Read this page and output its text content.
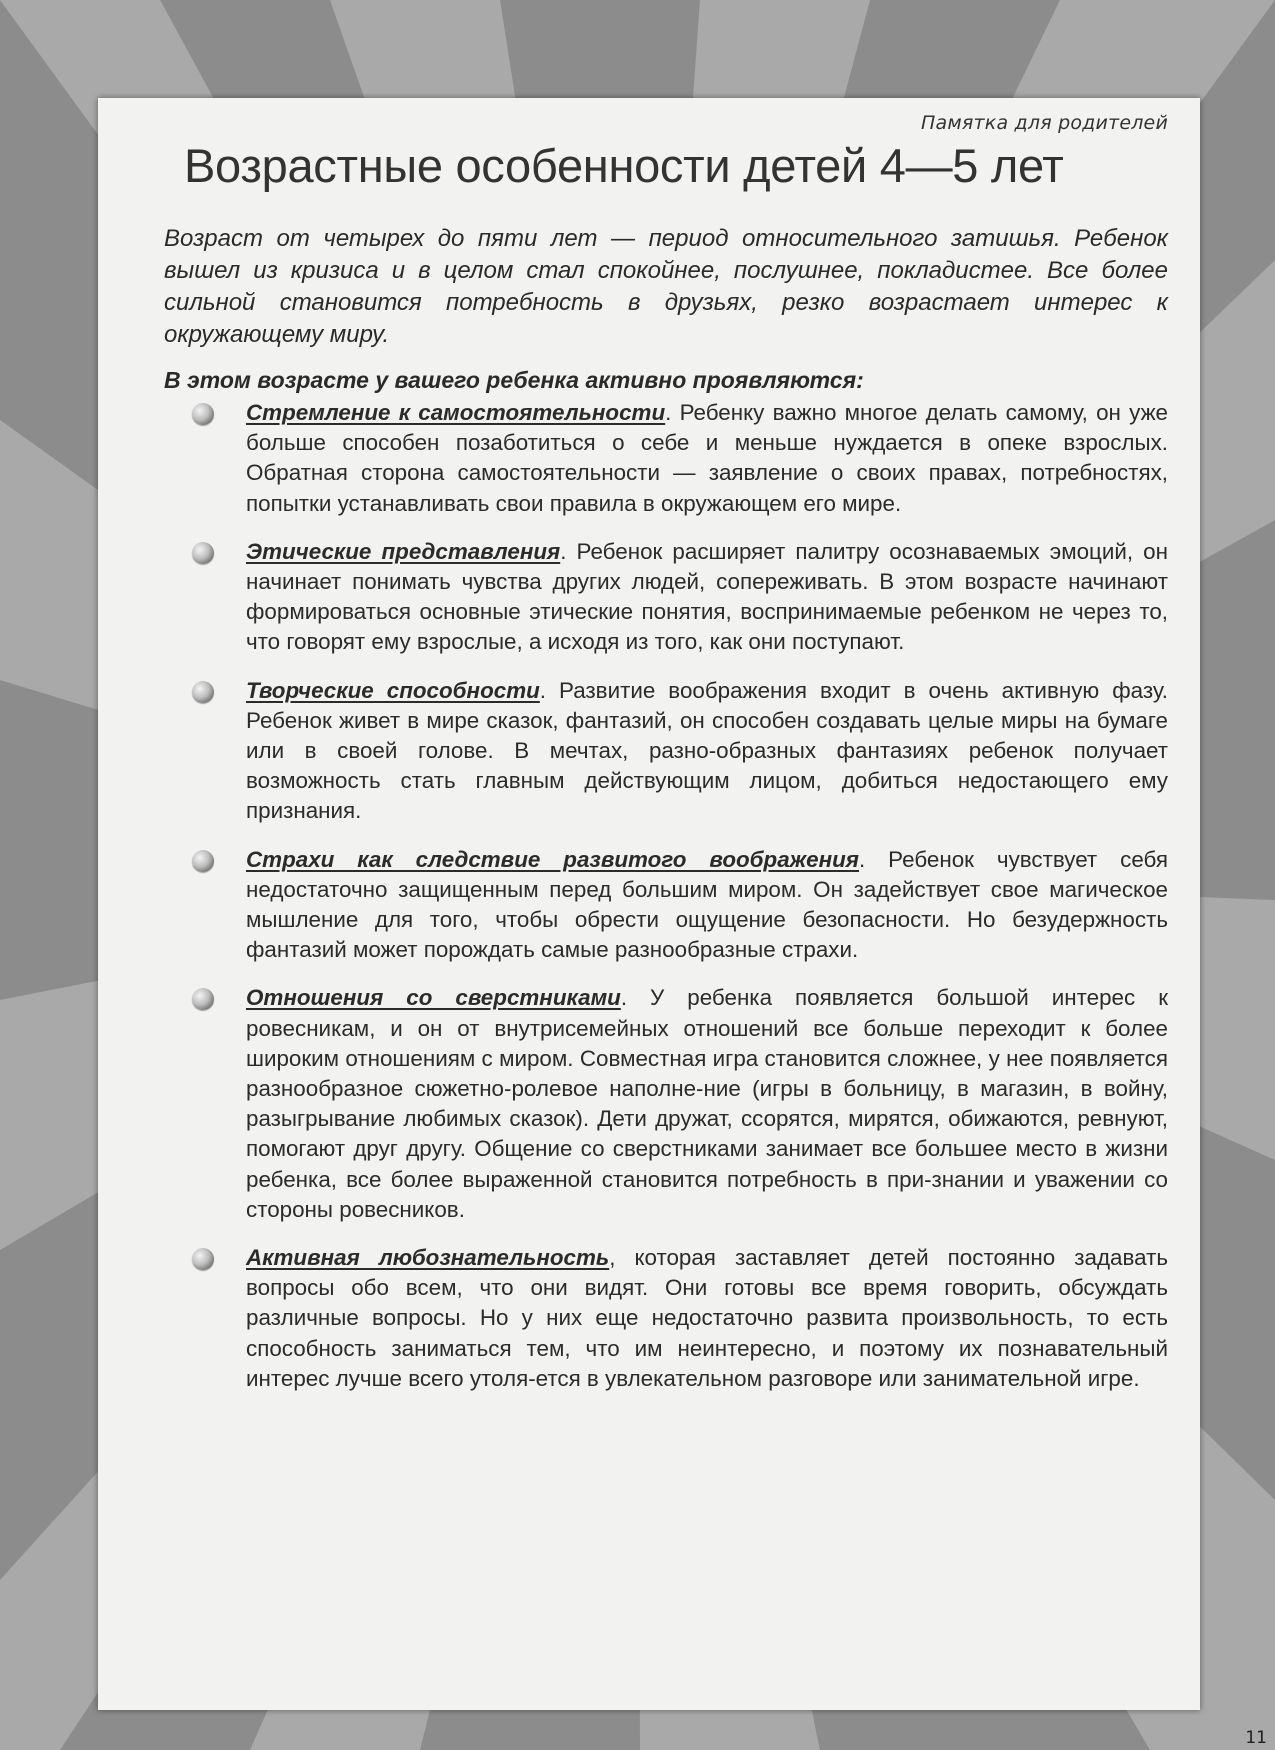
Памятка для родителей
Возрастные особенности детей 4—5 лет

Возраст от четырех до пяти лет — период относительного затишья. Ребенок вышел из кризиса и в целом стал спокойнее, послушнее, покладистее. Все более сильной становится потребность в друзьях, резко возрастает интерес к окружающему миру.

В этом возрасте у вашего ребенка активно проявляются:

Стремление к самостоятельности. Ребенку важно многое делать самому, он уже больше способен позаботиться о себе и меньше нуждается в опеке взрослых. Обратная сторона самостоятельности — заявление о своих правах, потребностях, попытки устанавливать свои правила в окружающем его мире.
Этические представления. Ребенок расширяет палитру осознаваемых эмоций, он начинает понимать чувства других людей, сопереживать. В этом возрасте начинают формироваться основные этические понятия, воспринимаемые ребенком не через то, что говорят ему взрослые, а исходя из того, как они поступают.
Творческие способности. Развитие воображения входит в очень активную фазу. Ребенок живет в мире сказок, фантазий, он способен создавать целые миры на бумаге или в своей голове. В мечтах, разно-образных фантазиях ребенок получает возможность стать главным действующим лицом, добиться недостающего ему признания.
Страхи как следствие развитого воображения. Ребенок чувствует себя недостаточно защищенным перед большим миром. Он задействует свое магическое мышление для того, чтобы обрести ощущение безопасности. Но безудержность фантазий может порождать самые разнообразные страхи.
Отношения со сверстниками. У ребенка появляется большой интерес к ровесникам, и он от внутрисемейных отношений все больше переходит к более широким отношениям с миром. Совместная игра становится сложнее, у нее появляется разнообразное сюжетно-ролевое наполне-ние (игры в больницу, в магазин, в войну, разыгрывание любимых сказок). Дети дружат, ссорятся, мирятся, обижаются, ревнуют, помогают друг другу. Общение со сверстниками занимает все большее место в жизни ребенка, все более выраженной становится потребность в при-знании и уважении со стороны ровесников.
Активная любознательность, которая заставляет детей постоянно задавать вопросы обо всем, что они видят. Они готовы все время говорить, обсуждать различные вопросы. Но у них еще недостаточно развита произвольность, то есть способность заниматься тем, что им неинтересно, и поэтому их познавательный интерес лучше всего утоля-ется в увлекательном разговоре или занимательной игре.
11
